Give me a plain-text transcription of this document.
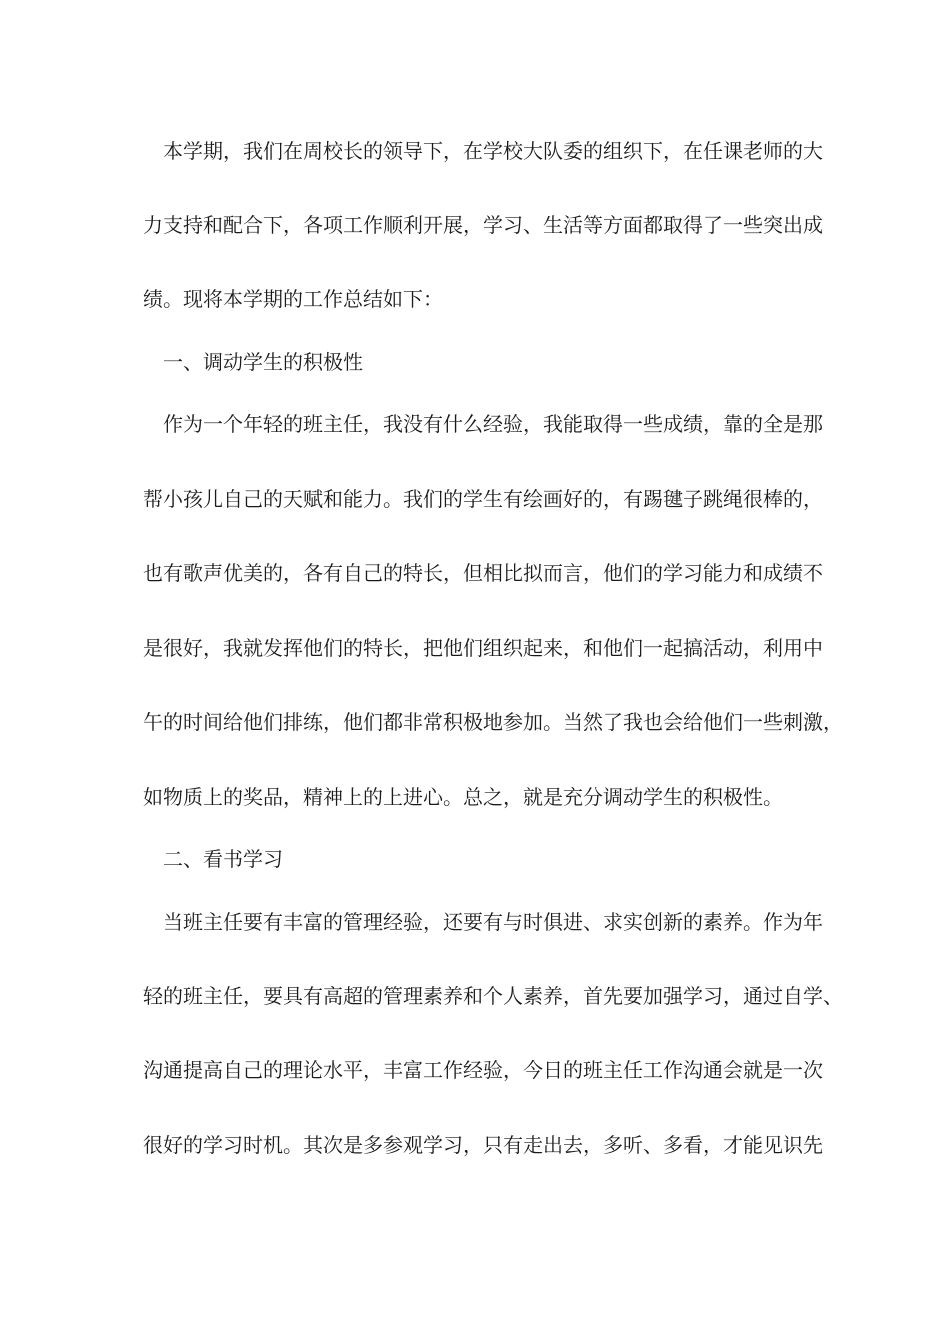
本学期，我们在周校长的领导下，在学校大队委的组织下，在任课老师的大
力支持和配合下，各项工作顺利开展，学习、生活等方面都取得了一些突出成
绩。现将本学期的工作总结如下：
一、调动学生的积极性
作为一个年轻的班主任，我没有什么经验，我能取得一些成绩，靠的全是那
帮小孩儿自己的天赋和能力。我们的学生有绘画好的，有踢毽子跳绳很棒的，
也有歌声优美的，各有自己的特长，但相比拟而言，他们的学习能力和成绩不
是很好，我就发挥他们的特长，把他们组织起来，和他们一起搞活动，利用中
午的时间给他们排练，他们都非常积极地参加。当然了我也会给他们一些刺激，
如物质上的奖品，精神上的上进心。总之，就是充分调动学生的积极性。
二、看书学习
当班主任要有丰富的管理经验，还要有与时俱进、求实创新的素养。作为年
轻的班主任，要具有高超的管理素养和个人素养，首先要加强学习，通过自学、
沟通提高自己的理论水平，丰富工作经验，今日的班主任工作沟通会就是一次
很好的学习时机。其次是多参观学习，只有走出去，多听、多看，才能见识先
